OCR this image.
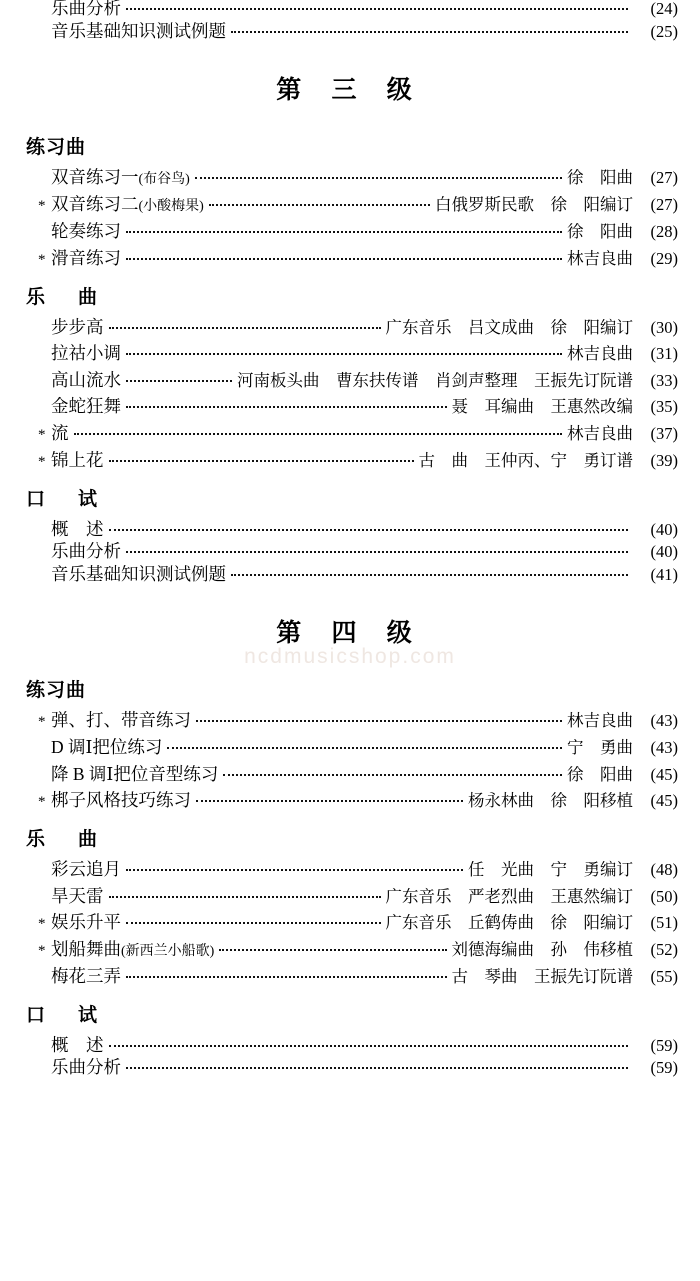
ncdmusicshop.com
乐曲分析	(24)
音乐基础知识测试例题	(25)
第 三 级
练习曲
双音练习一(布谷鸟)	徐　阳曲	(27)
* 双音练习二(小酸梅果)	白俄罗斯民歌　徐　阳编订	(27)
轮奏练习	徐　阳曲	(28)
* 滑音练习	林吉良曲	(29)
乐　曲
步步高	广东音乐　吕文成曲　徐　阳编订	(30)
拉祜小调	林吉良曲	(31)
高山流水	河南板头曲　曹东扶传谱　肖剑声整理　王振先订阮谱	(33)
金蛇狂舞	聂　耳编曲　王惠然改编	(35)
* 流	林吉良曲	(37)
* 锦上花	古　曲　王仲丙、宁　勇订谱	(39)
口　试
概　述	(40)
乐曲分析	(40)
音乐基础知识测试例题	(41)
第 四 级
练习曲
* 弹、打、带音练习	林吉良曲	(43)
D 调Ⅰ把位练习	宁　勇曲	(43)
降 B 调Ⅰ把位音型练习	徐　阳曲	(45)
* 梆子风格技巧练习	杨永林曲　徐　阳移植	(45)
乐　曲
彩云追月	任　光曲　宁　勇编订	(48)
旱天雷	广东音乐　严老烈曲　王惠然编订	(50)
* 娱乐升平	广东音乐　丘鹤俦曲　徐　阳编订	(51)
* 划船舞曲(新西兰小船歌)	刘德海编曲　孙　伟移植	(52)
梅花三弄	古　琴曲　王振先订阮谱	(55)
口　试
概　述	(59)
乐曲分析	(59)
